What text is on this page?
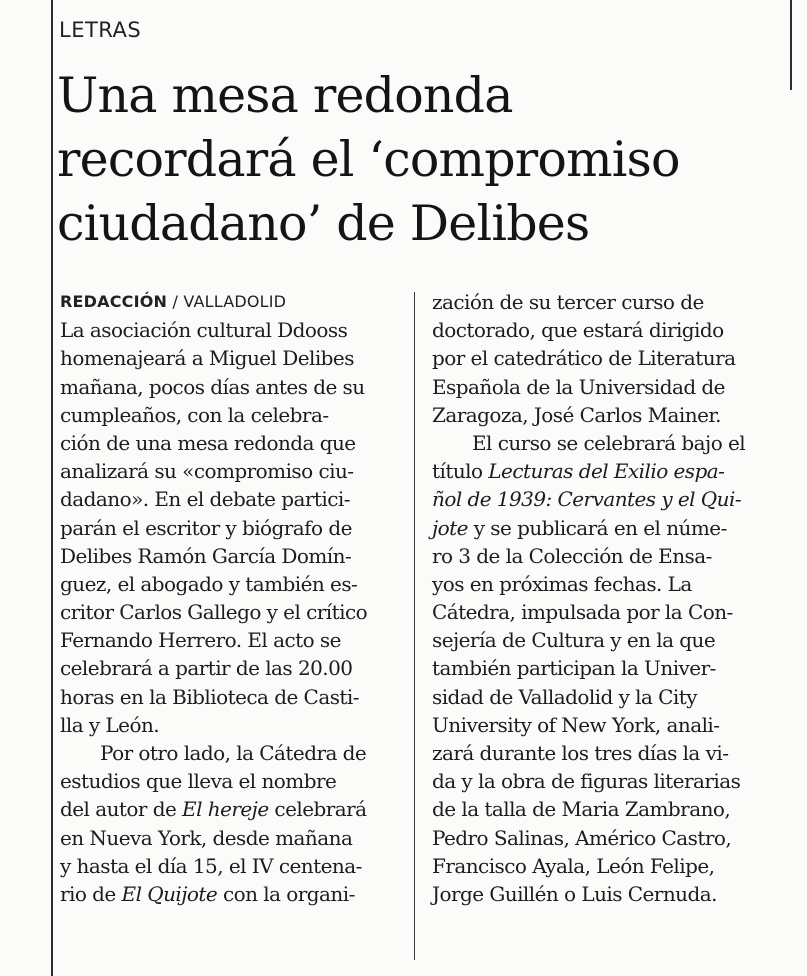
LETRAS
Una mesa redonda
recordará el ‘compromiso
ciudadano’ de Delibes
REDACCIÓN / VALLADOLID
La asociación cultural Ddooss
homenajeará a Miguel Delibes
mañana, pocos días antes de su
cumpleaños, con la celebra-
ción de una mesa redonda que
analizará su «compromiso ciu-
dadano». En el debate partici-
parán el escritor y biógrafo de
Delibes Ramón García Domín-
guez, el abogado y también es-
critor Carlos Gallego y el crítico
Fernando Herrero. El acto se
celebrará a partir de las 20.00
horas en la Biblioteca de Casti-
lla y León.
Por otro lado, la Cátedra de
estudios que lleva el nombre
del autor de El hereje celebrará
en Nueva York, desde mañana
y hasta el día 15, el IV centena-
rio de El Quijote con la organi-
zación de su tercer curso de
doctorado, que estará dirigido
por el catedrático de Literatura
Española de la Universidad de
Zaragoza, José Carlos Mainer.
El curso se celebrará bajo el
título Lecturas del Exilio espa-
ñol de 1939: Cervantes y el Qui-
jote y se publicará en el núme-
ro 3 de la Colección de Ensa-
yos en próximas fechas. La
Cátedra, impulsada por la Con-
sejería de Cultura y en la que
también participan la Univer-
sidad de Valladolid y la City
University of New York, anali-
zará durante los tres días la vi-
da y la obra de figuras literarias
de la talla de Maria Zambrano,
Pedro Salinas, Américo Castro,
Francisco Ayala, León Felipe,
Jorge Guillén o Luis Cernuda.
